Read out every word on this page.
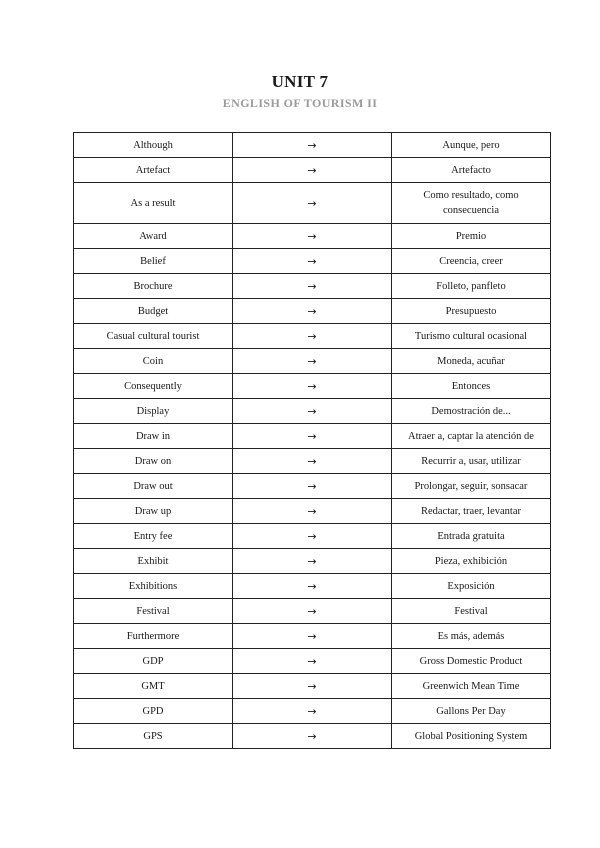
UNIT 7
ENGLISH OF TOURISM II
Although	→	Aunque, pero
Artefact	→	Artefacto
As a result	→	Como resultado, como consecuencia
Award	→	Premio
Belief	→	Creencia, creer
Brochure	→	Folleto, panfleto
Budget	→	Presupuesto
Casual cultural tourist	→	Turismo cultural ocasional
Coin	→	Moneda, acuñar
Consequently	→	Entonces
Display	→	Demostración de...
Draw in	→	Atraer a, captar la atención de
Draw on	→	Recurrir a, usar, utilizar
Draw out	→	Prolongar, seguir, sonsacar
Draw up	→	Redactar, traer, levantar
Entry fee	→	Entrada gratuita
Exhibit	→	Pieza, exhibición
Exhibitions	→	Exposición
Festival	→	Festival
Furthermore	→	Es más, además
GDP	→	Gross Domestic Product
GMT	→	Greenwich Mean Time
GPD	→	Gallons Per Day
GPS	→	Global Positioning System
